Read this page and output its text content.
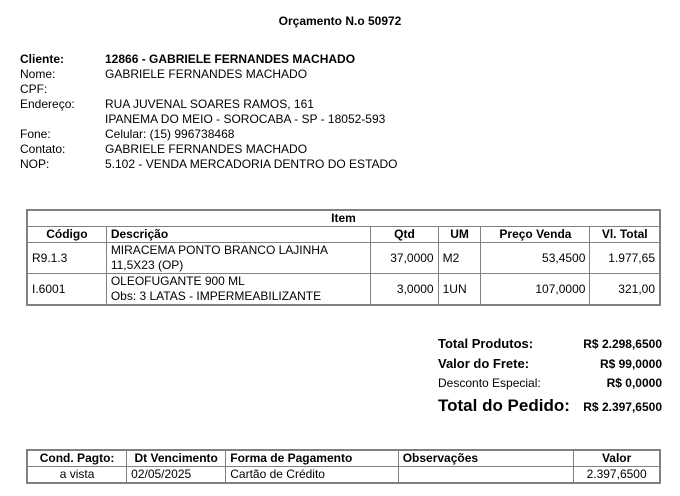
Orçamento N.o 50972
Cliente:	12866 - GABRIELE FERNANDES MACHADO
Nome:	GABRIELE FERNANDES MACHADO
CPF:
Endereço:	RUA JUVENAL SOARES RAMOS, 161
IPANEMA DO MEIO - SOROCABA - SP - 18052-593
Fone:	Celular: (15) 996738468
Contato:	GABRIELE FERNANDES MACHADO
NOP:	5.102 - VENDA MERCADORIA DENTRO DO ESTADO
Item					
Código	Descrição	Qtd	UM	Preço Venda	Vl. Total
R9.1.3	MIRACEMA PONTO BRANCO LAJINHA
11,5X23 (OP)	37,0000	M2	53,4500	1.977,65
I.6001	OLEOFUGANTE 900 ML
Obs: 3 LATAS - IMPERMEABILIZANTE	3,0000	1UN	107,0000	321,00
Total Produtos:	R$ 2.298,6500
Valor do Frete:	R$ 99,0000
Desconto Especial:	R$ 0,0000
Total do Pedido: R$ 2.397,6500
Cond. Pagto:	Dt Vencimento	Forma de Pagamento	Observações	Valor
a vista	02/05/2025	Cartão de Crédito		2.397,6500
